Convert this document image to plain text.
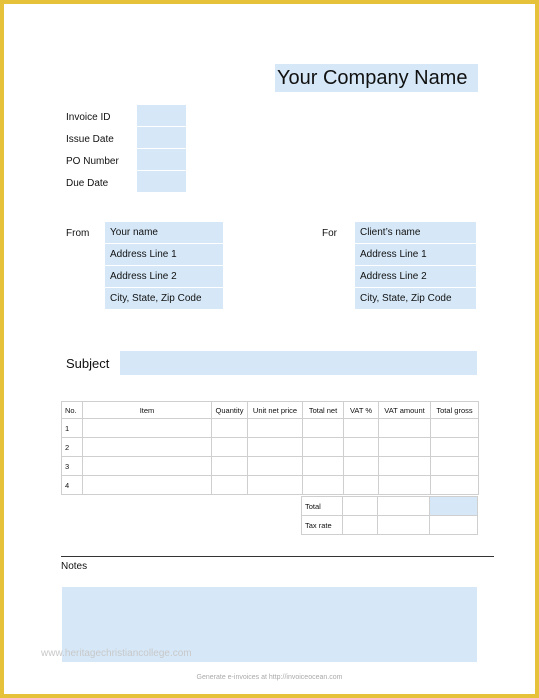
Your Company Name
Invoice ID
Issue Date
PO Number
Due Date
From	Your name
Address Line 1
Address Line 2
City, State, Zip Code
For	Client’s name
Address Line 1
Address Line 2
City, State, Zip Code
Subject
No.	Item	Quantity	Unit net price	Total net	VAT %	VAT amount	Total gross
1							
2							
3							
4							
Total			
Tax rate			
Notes
www.heritagechristiancollege.com
Generate e-invoices at http://invoiceocean.com
